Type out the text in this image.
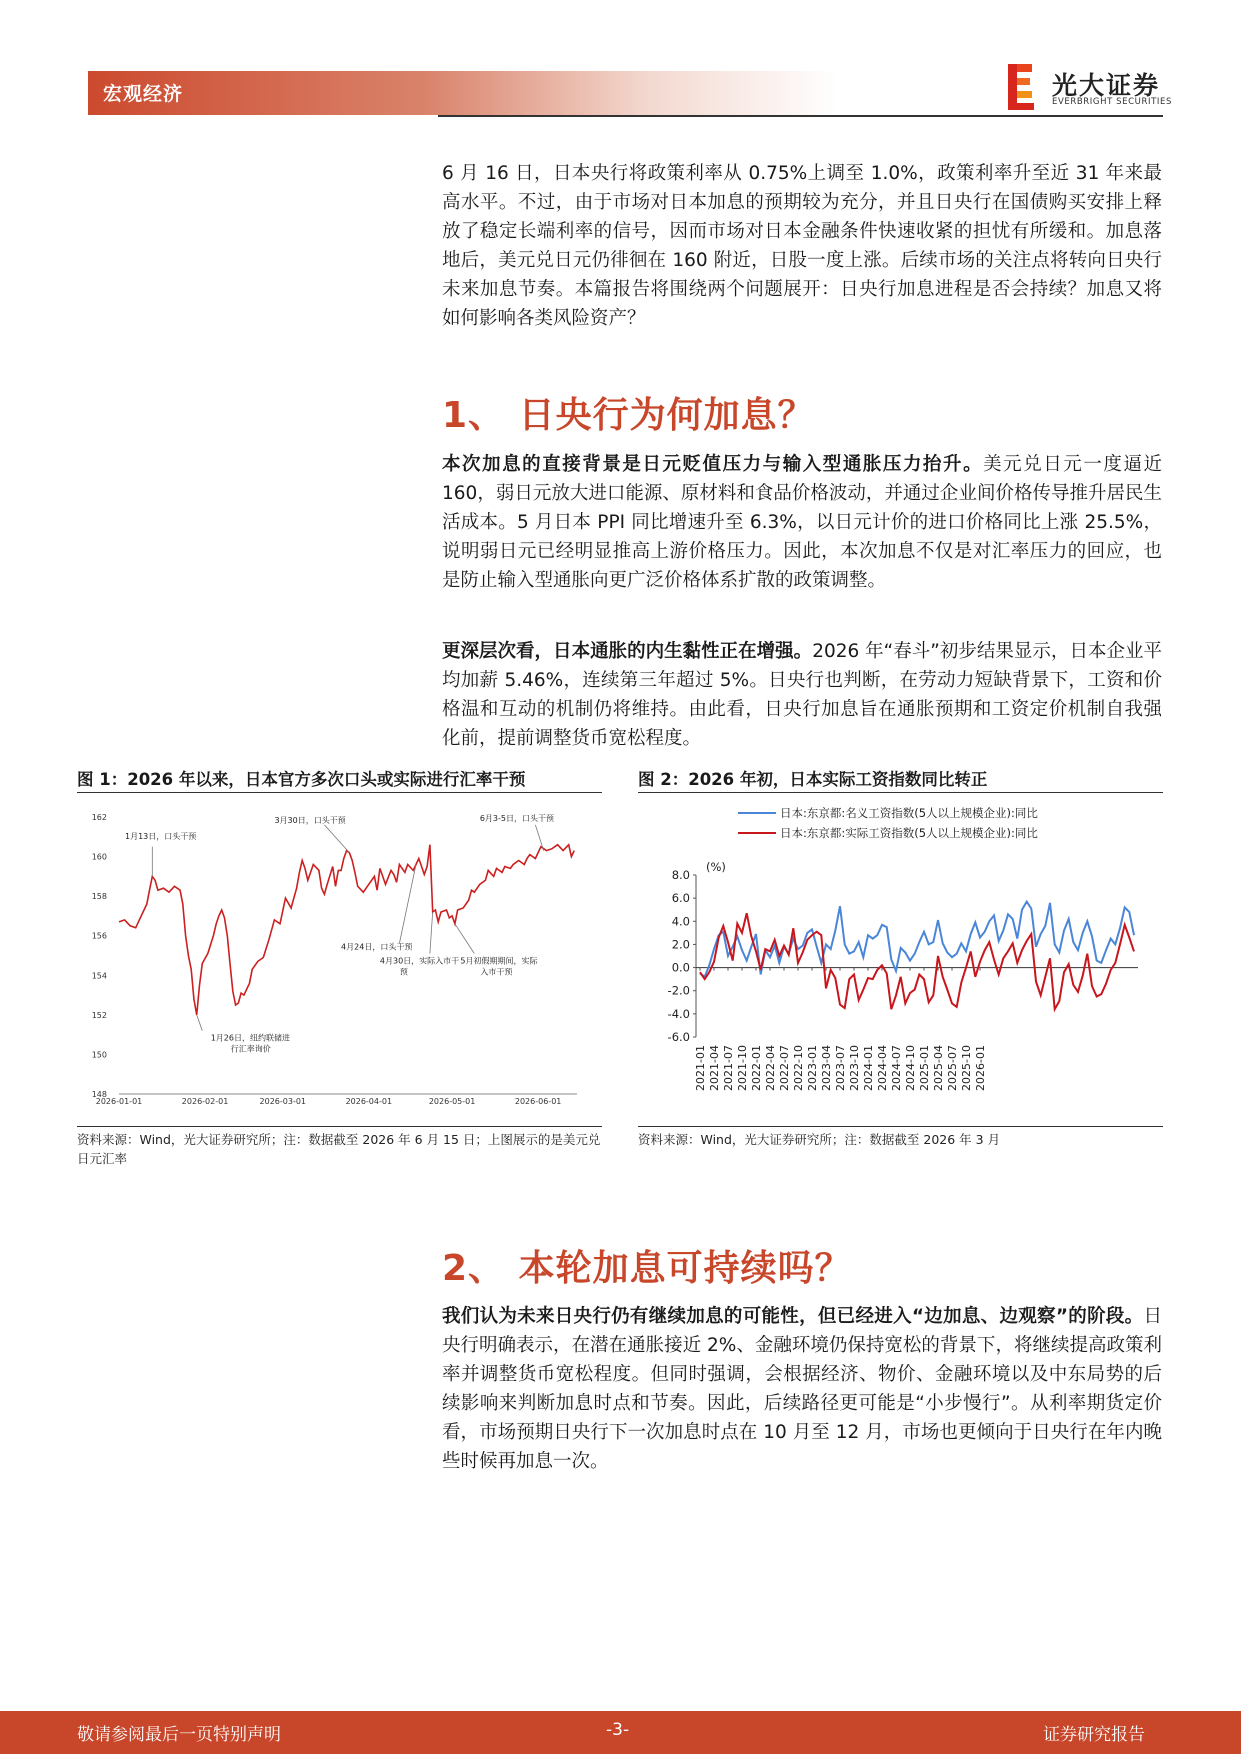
宏观经济	光大证券
EVERBRIGHT SECURITIES
6 月 16 日，日本央行将政策利率从 0.75%上调至 1.0%，政策利率升至近 31 年来最高水平。不过，由于市场对日本加息的预期较为充分，并且日央行在国债购买安排上释放了稳定长端利率的信号，因而市场对日本金融条件快速收紧的担忧有所缓和。加息落地后，美元兑日元仍徘徊在 160 附近，日股一度上涨。后续市场的关注点将转向日央行未来加息节奏。本篇报告将围绕两个问题展开：日央行加息进程是否会持续？加息又将如何影响各类风险资产？
1、 日央行为何加息？
本次加息的直接背景是日元贬值压力与输入型通胀压力抬升。美元兑日元一度逼近 160，弱日元放大进口能源、原材料和食品价格波动，并通过企业间价格传导推升居民生活成本。5 月日本 PPI 同比增速升至 6.3%，以日元计价的进口价格同比上涨 25.5%，说明弱日元已经明显推高上游价格压力。因此，本次加息不仅是对汇率压力的回应，也是防止输入型通胀向更广泛价格体系扩散的政策调整。
更深层次看，日本通胀的内生黏性正在增强。2026 年“春斗”初步结果显示，日本企业平均加薪 5.46%，连续第三年超过 5%。日央行也判断，在劳动力短缺背景下，工资和价格温和互动的机制仍将维持。由此看，日央行加息旨在通胀预期和工资定价机制自我强化前，提前调整货币宽松程度。
图 1：2026 年以来，日本官方多次口头或实际进行汇率干预
148
150
152
154
156
158
160
162
2026-01-01	2026-02-01	2026-03-01	2026-04-01	2026-05-01	2026-06-01
1月13日，口头干预
1月26日，纽约联储进行汇率询价
3月30日，口头干预
4月24日，口头干预
4月30日，实际入市干预
5月初假期期间，实际入市干预
6月3-5日，口头干预
资料来源：Wind，光大证券研究所；注：数据截至 2026 年 6 月 15 日；上图展示的是美元兑日元汇率
图 2：2026 年初，日本实际工资指数同比转正
日本:东京都:名义工资指数(5人以上规模企业):同比
日本:东京都:实际工资指数(5人以上规模企业):同比
(%)
8.0
6.0
4.0
2.0
0.0
-2.0
-4.0
-6.0
2021-01 2021-04 2021-07 2021-10 2022-01 2022-04 2022-07 2022-10 2023-01 2023-04 2023-07 2023-10 2024-01 2024-04 2024-07 2024-10 2025-01 2025-04 2025-07 2025-10 2026-01
资料来源：Wind，光大证券研究所；注：数据截至 2026 年 3 月
2、 本轮加息可持续吗？
我们认为未来日央行仍有继续加息的可能性，但已经进入“边加息、边观察”的阶段。日央行明确表示，在潜在通胀接近 2%、金融环境仍保持宽松的背景下，将继续提高政策利率并调整货币宽松程度。但同时强调，会根据经济、物价、金融环境以及中东局势的后续影响来判断加息时点和节奏。因此，后续路径更可能是“小步慢行”。从利率期货定价看，市场预期日央行下一次加息时点在 10 月至 12 月，市场也更倾向于日央行在年内晚些时候再加息一次。
敬请参阅最后一页特别声明	-3-	证券研究报告
